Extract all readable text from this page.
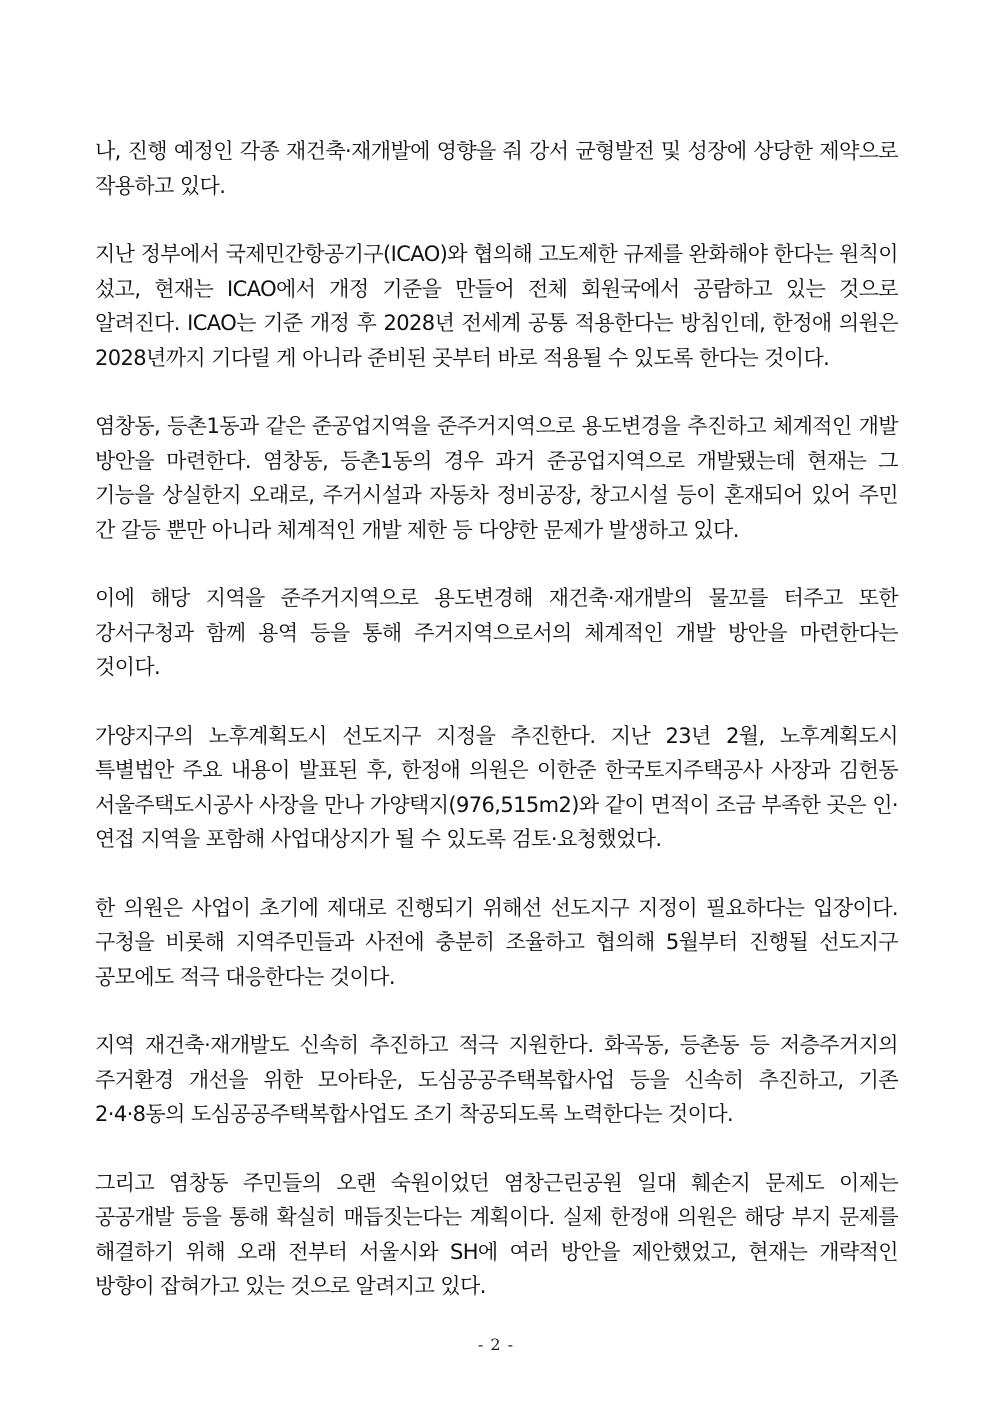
나, 진행 예정인 각종 재건축·재개발에 영향을 줘 강서 균형발전 및 성장에 상당한 제약으로 작용하고 있다.

지난 정부에서 국제민간항공기구(ICAO)와 협의해 고도제한 규제를 완화해야 한다는 원칙이 섰고, 현재는 ICAO에서 개정 기준을 만들어 전체 회원국에서 공람하고 있는 것으로 알려진다. ICAO는 기준 개정 후 2028년 전세계 공통 적용한다는 방침인데, 한정애 의원은 2028년까지 기다릴 게 아니라 준비된 곳부터 바로 적용될 수 있도록 한다는 것이다.

염창동, 등촌1동과 같은 준공업지역을 준주거지역으로 용도변경을 추진하고 체계적인 개발 방안을 마련한다. 염창동, 등촌1동의 경우 과거 준공업지역으로 개발됐는데 현재는 그 기능을 상실한지 오래로, 주거시설과 자동차 정비공장, 창고시설 등이 혼재되어 있어 주민 간 갈등 뿐만 아니라 체계적인 개발 제한 등 다양한 문제가 발생하고 있다.

이에 해당 지역을 준주거지역으로 용도변경해 재건축·재개발의 물꼬를 터주고 또한 강서구청과 함께 용역 등을 통해 주거지역으로서의 체계적인 개발 방안을 마련한다는 것이다.

가양지구의 노후계획도시 선도지구 지정을 추진한다. 지난 23년 2월, 노후계획도시 특별법안 주요 내용이 발표된 후, 한정애 의원은 이한준 한국토지주택공사 사장과 김헌동 서울주택도시공사 사장을 만나 가양택지(976,515m2)와 같이 면적이 조금 부족한 곳은 인·연접 지역을 포함해 사업대상지가 될 수 있도록 검토·요청했었다.

한 의원은 사업이 초기에 제대로 진행되기 위해선 선도지구 지정이 필요하다는 입장이다. 구청을 비롯해 지역주민들과 사전에 충분히 조율하고 협의해 5월부터 진행될 선도지구 공모에도 적극 대응한다는 것이다.

지역 재건축·재개발도 신속히 추진하고 적극 지원한다. 화곡동, 등촌동 등 저층주거지의 주거환경 개선을 위한 모아타운, 도심공공주택복합사업 등을 신속히 추진하고, 기존 2·4·8동의 도심공공주택복합사업도 조기 착공되도록 노력한다는 것이다.

그리고 염창동 주민들의 오랜 숙원이었던 염창근린공원 일대 훼손지 문제도 이제는 공공개발 등을 통해 확실히 매듭짓는다는 계획이다. 실제 한정애 의원은 해당 부지 문제를 해결하기 위해 오래 전부터 서울시와 SH에 여러 방안을 제안했었고, 현재는 개략적인 방향이 잡혀가고 있는 것으로 알려지고 있다.

- 2 -
